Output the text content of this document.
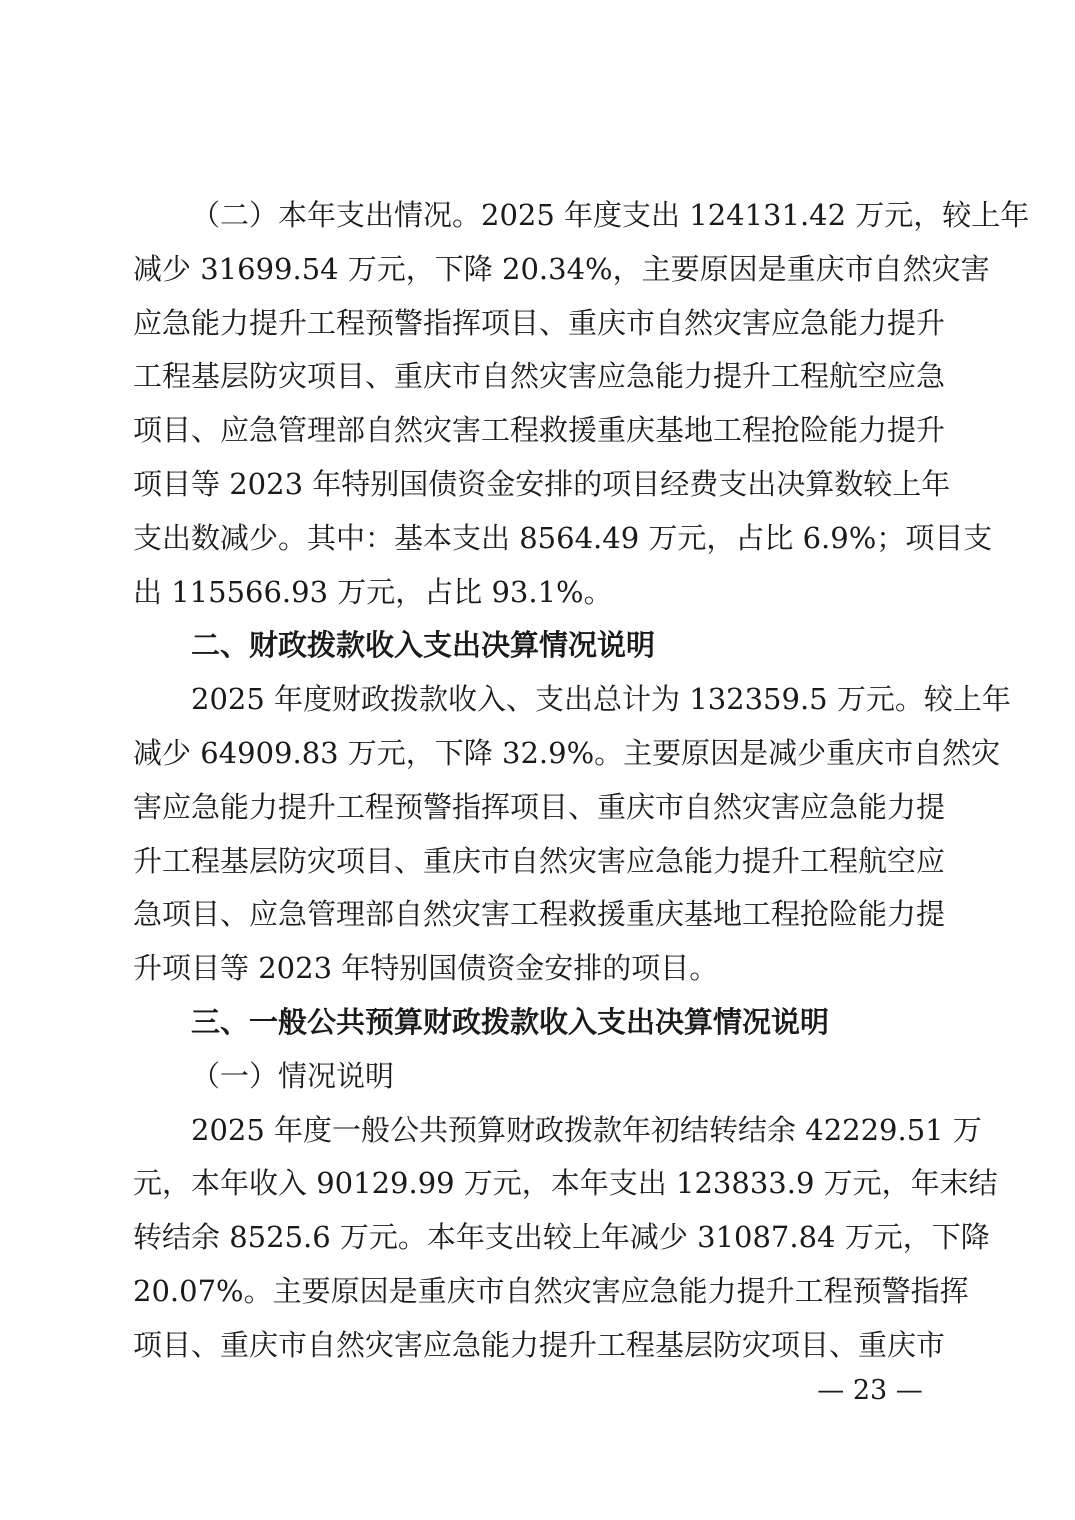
（二）本年支出情况。2025 年度支出 124131.42 万元，较上年
减少 31699.54 万元，下降 20.34%，主要原因是重庆市自然灾害
应急能力提升工程预警指挥项目、重庆市自然灾害应急能力提升
工程基层防灾项目、重庆市自然灾害应急能力提升工程航空应急
项目、应急管理部自然灾害工程救援重庆基地工程抢险能力提升
项目等 2023 年特别国债资金安排的项目经费支出决算数较上年
支出数减少。其中：基本支出 8564.49 万元，占比 6.9%；项目支
出 115566.93 万元，占比 93.1%。
二、财政拨款收入支出决算情况说明
2025 年度财政拨款收入、支出总计为 132359.5 万元。较上年
减少 64909.83 万元，下降 32.9%。主要原因是减少重庆市自然灾
害应急能力提升工程预警指挥项目、重庆市自然灾害应急能力提
升工程基层防灾项目、重庆市自然灾害应急能力提升工程航空应
急项目、应急管理部自然灾害工程救援重庆基地工程抢险能力提
升项目等 2023 年特别国债资金安排的项目。
三、一般公共预算财政拨款收入支出决算情况说明
（一）情况说明
2025 年度一般公共预算财政拨款年初结转结余 42229.51 万
元，本年收入 90129.99 万元，本年支出 123833.9 万元，年末结
转结余 8525.6 万元。本年支出较上年减少 31087.84 万元，下降
20.07%。主要原因是重庆市自然灾害应急能力提升工程预警指挥
项目、重庆市自然灾害应急能力提升工程基层防灾项目、重庆市
— 23 —
